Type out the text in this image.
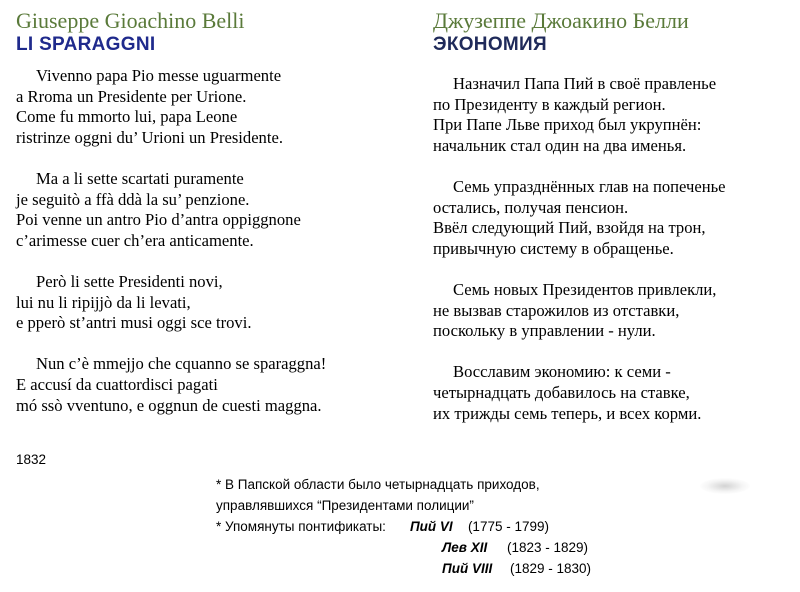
Giuseppe Gioachino Belli
LI SPARAGGNI
Vivenno papa Pio messe uguarmente
a Rroma un Presidente per Urione.
Come fu mmorto lui, papa Leone
ristrinze oggni du’ Urioni un Presidente.
Ma a li sette scartati puramente
je seguitò a ffà ddà la su’ penzione.
Poi venne un antro Pio d’antra oppiggnone
c’arimesse cuer ch’era anticamente.
Però li sette Presidenti novi,
lui nu li ripijjò da li levati,
e pperò st’antri musi oggi sce trovi.
Nun c’è mmejjo che cquanno se sparaggna!
E accusí da cuattordisci pagati
mó ssò vventuno, e oggnun de cuesti maggna.
Джузеппе Джоакино Белли
ЭКОНОМИЯ
Назначил Папа Пий в своё правленье
по Президенту в каждый регион.
При Папе Льве приход был укрупнён:
начальник стал один на два именья.
Семь упразднённых глав на попеченье
остались, получая пенсион.
Ввёл следующий Пий, взойдя на трон,
привычную систему в обращенье.
Семь новых Президентов привлекли,
не вызвав старожилов из отставки,
поскольку в управлении - нули.
Восславим экономию: к семи -
четырнадцать добавилось на ставке,
их трижды семь теперь, и всех корми.
1832
* В Папской области было четырнадцать приходов,
управлявшихся “Президентами полиции”
* Упомянуты понтификаты: Пий VI (1775 - 1799)
Лев XII (1823 - 1829)
Пий VIII (1829 - 1830)
